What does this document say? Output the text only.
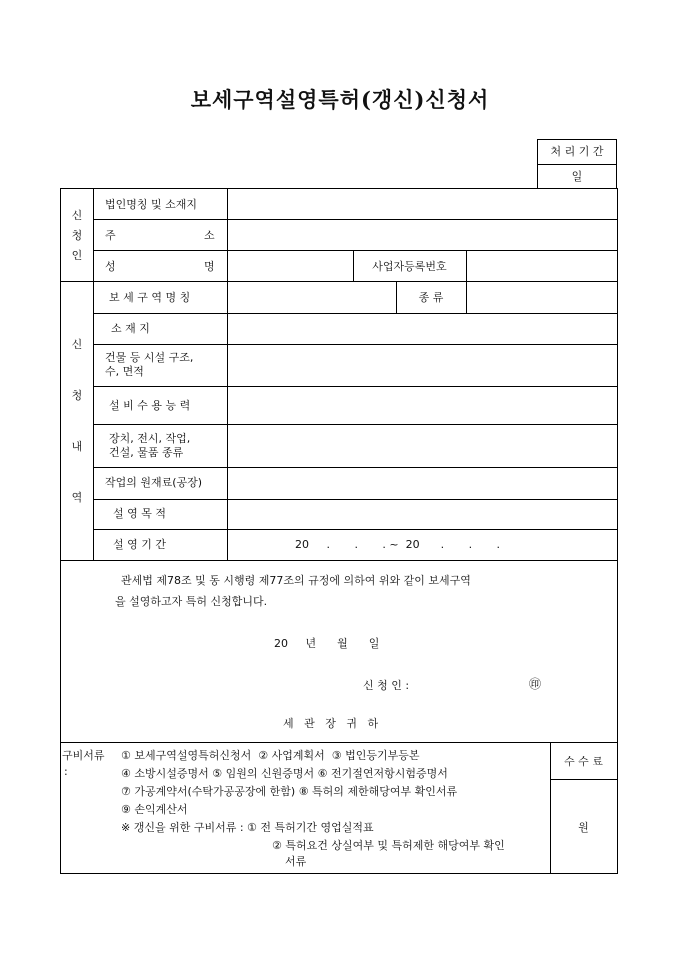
보세구역설영특허(갱신)신청서
처 리 기 간
일
신
청
인
법인명칭 및 소재지
주	소
성	명	사업자등록번호
신
청
내
역
보 세 구 역 명 칭	종 류
소 재 지
건물 등 시설 구조,
수, 면적
설 비 수 용 능 력
장치, 전시, 작업,
건설, 물품 종류
작업의 원재료(공장)
설 영 목 적
설 영 기 간	20     .       .       . ~  20      .       .       .
관세법 제78조 및 동 시행령 제77조의 규정에 의하여 위와 같이 보세구역
을 설영하고자 특허 신청합니다.
20     년      월      일
신 청 인 :	㊞
세   관   장   귀   하
구비서류
:
① 보세구역설영특허신청서  ② 사업계획서  ③ 법인등기부등본
④ 소방시설증명서 ⑤ 임원의 신원증명서 ⑥ 전기절연저항시험증명서
⑦ 가공계약서(수탁가공공장에 한함) ⑧ 특허의 제한해당여부 확인서류
⑨ 손익계산서
※ 갱신을 위한 구비서류 : ① 전 특허기간 영업실적표
② 특허요건 상실여부 및 특허제한 해당여부 확인
서류
수 수 료
원
